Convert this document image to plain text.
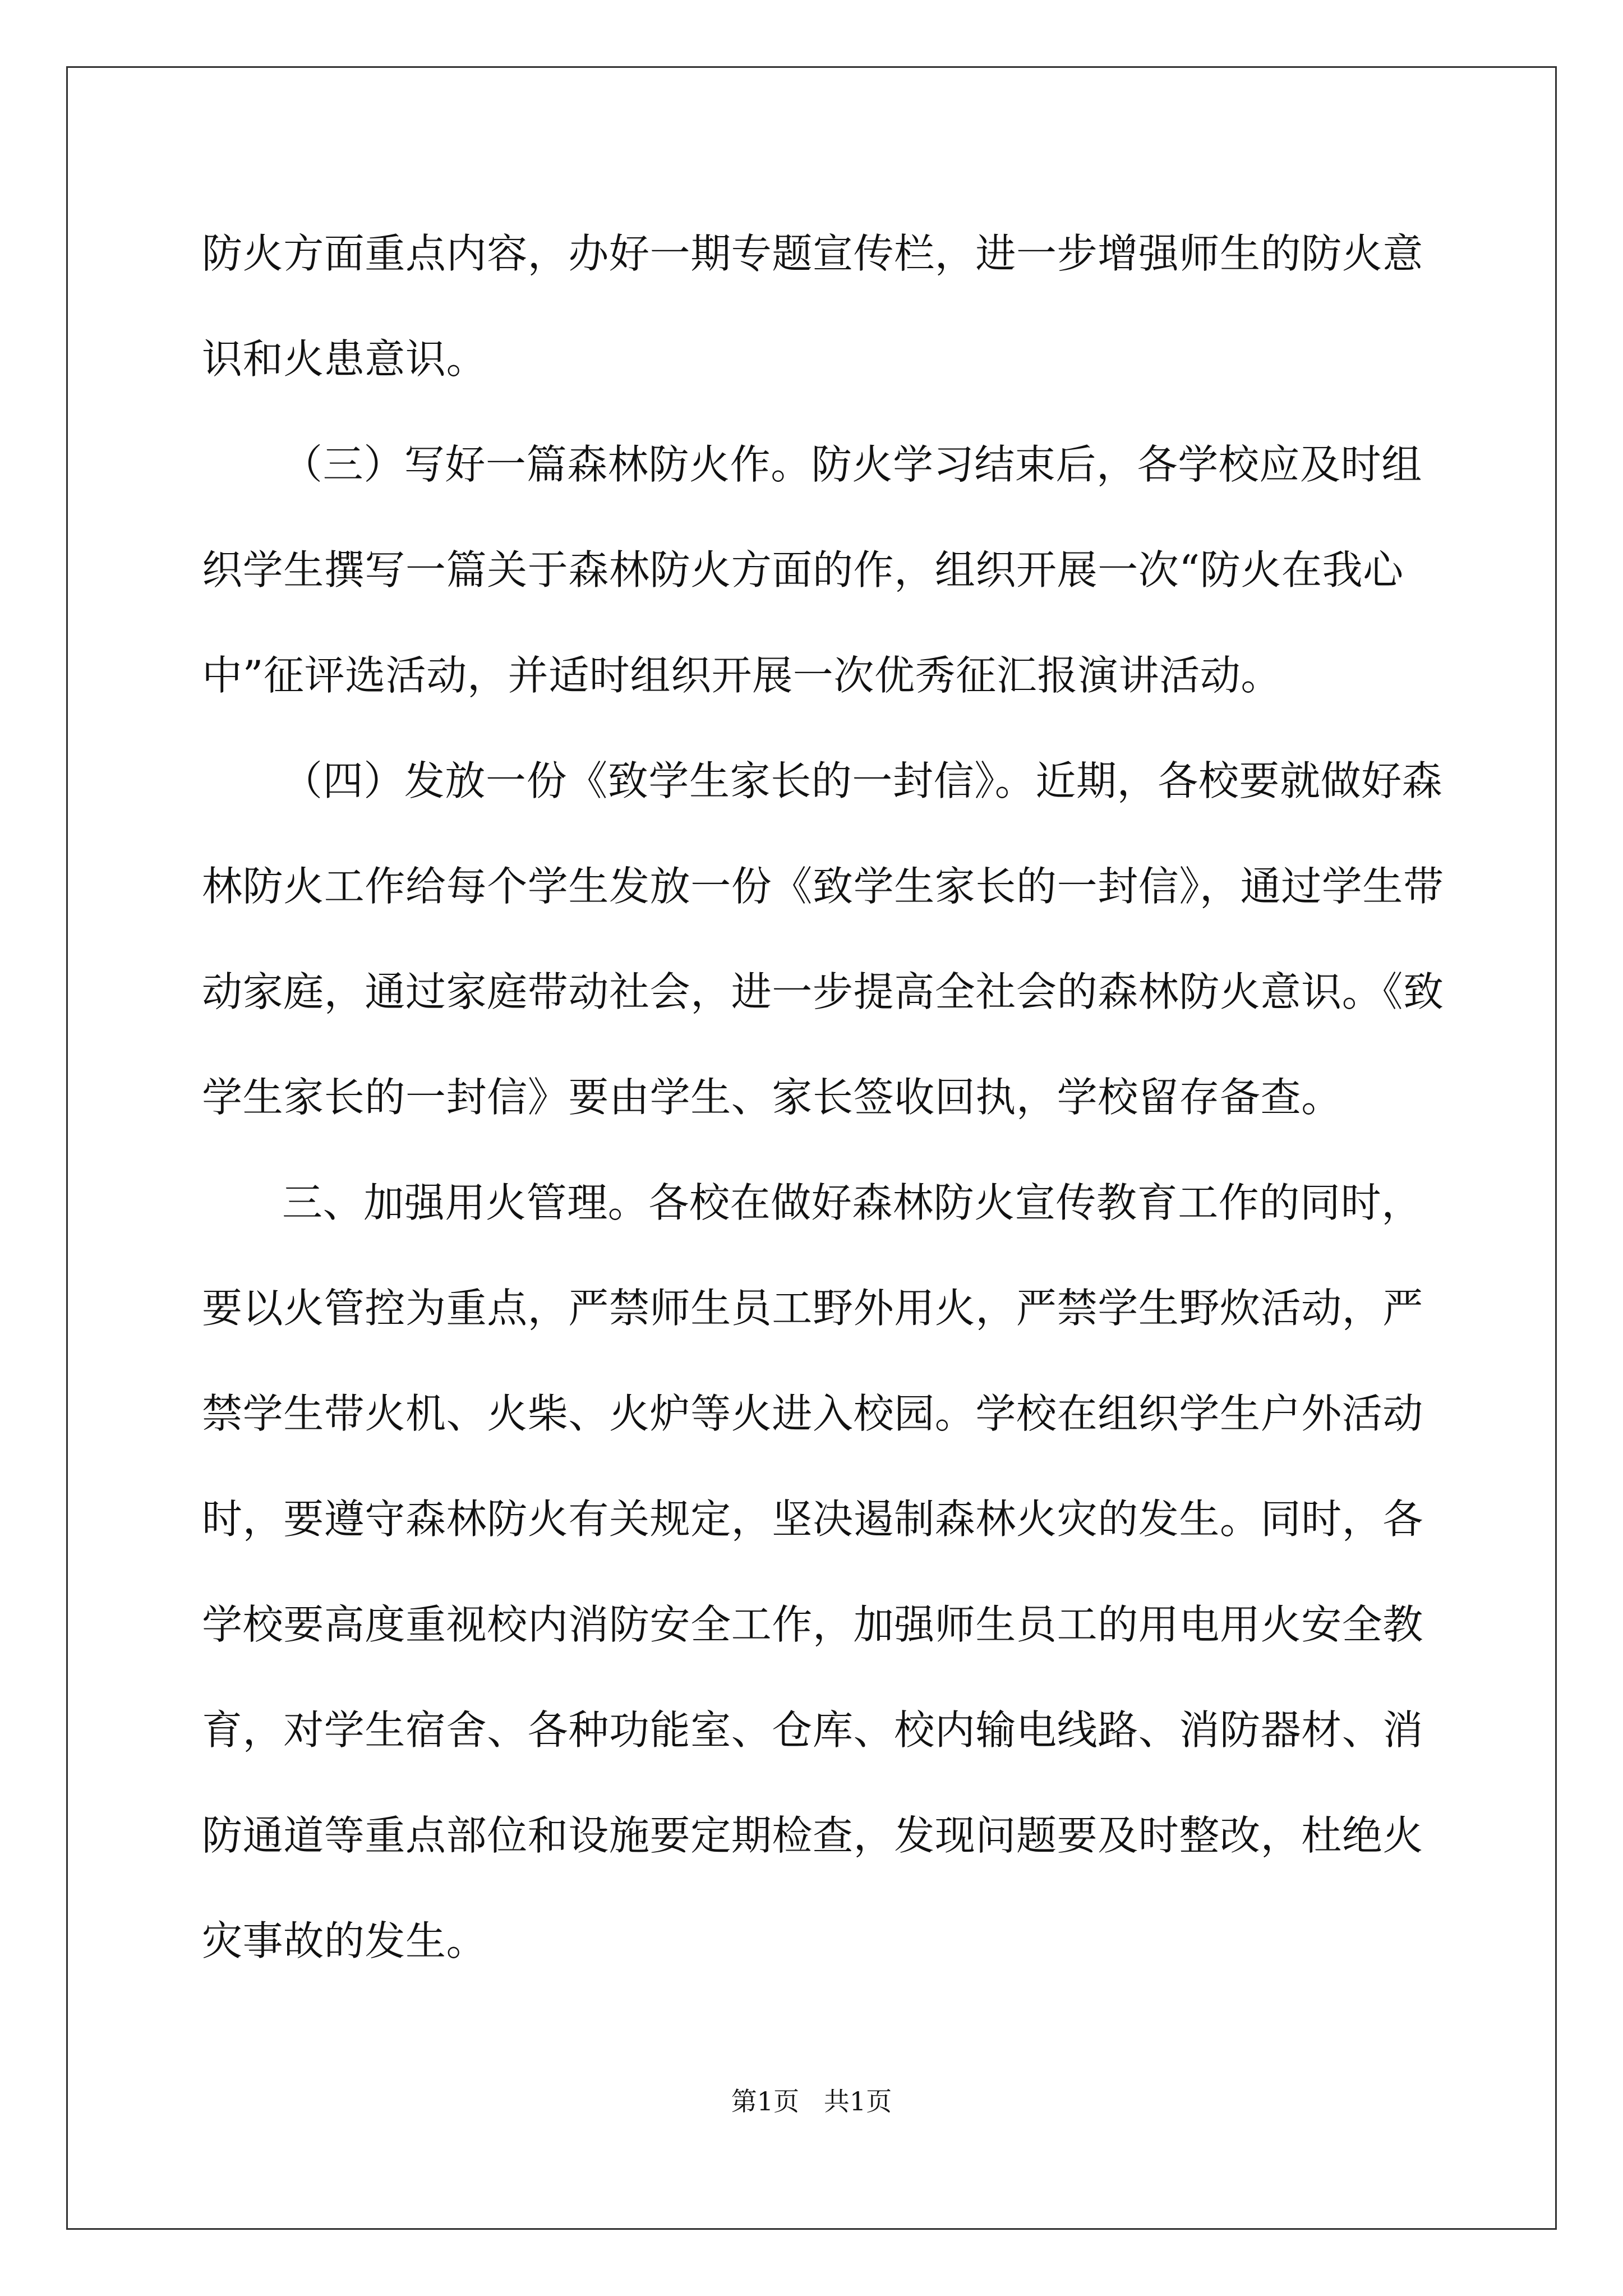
防火方面重点内容，办好一期专题宣传栏，进一步增强师生的防火意
识和火患意识。
（三）写好一篇森林防火作。防火学习结束后，各学校应及时组
织学生撰写一篇关于森林防火方面的作，组织开展一次“防火在我心
中”征评选活动，并适时组织开展一次优秀征汇报演讲活动。
（四）发放一份《致学生家长的一封信》。近期，各校要就做好森
林防火工作给每个学生发放一份《致学生家长的一封信》，通过学生带
动家庭，通过家庭带动社会，进一步提高全社会的森林防火意识。《致
学生家长的一封信》要由学生、家长签收回执，学校留存备查。
三、加强用火管理。各校在做好森林防火宣传教育工作的同时，
要以火管控为重点，严禁师生员工野外用火，严禁学生野炊活动，严
禁学生带火机、火柴、火炉等火进入校园。学校在组织学生户外活动
时，要遵守森林防火有关规定，坚决遏制森林火灾的发生。同时，各
学校要高度重视校内消防安全工作，加强师生员工的用电用火安全教
育，对学生宿舍、各种功能室、仓库、校内输电线路、消防器材、消
防通道等重点部位和设施要定期检查，发现问题要及时整改，杜绝火
灾事故的发生。
第1页   共1页
